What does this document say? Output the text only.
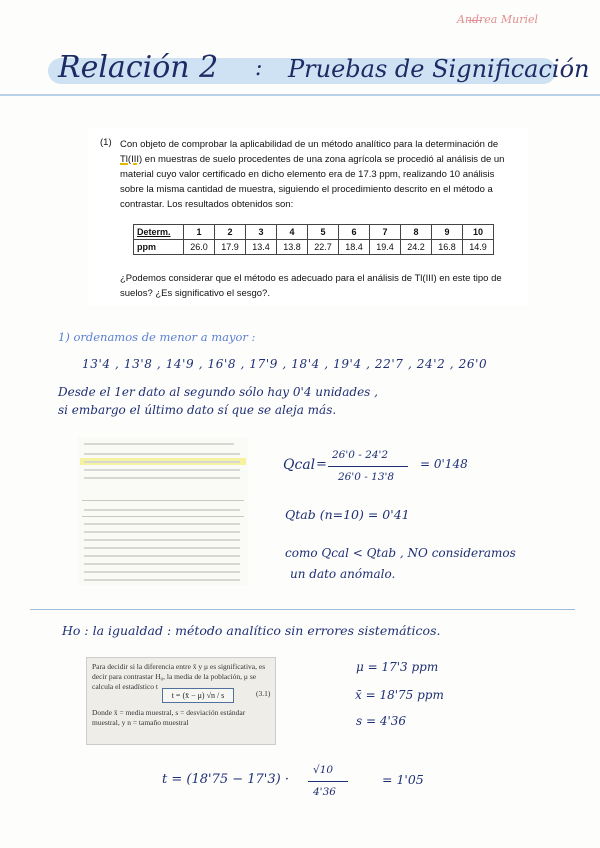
Andrea Muriel
Relación 2 : Pruebas de Significación
(1) Con objeto de comprobar la aplicabilidad de un método analítico para la determinación de Tl(III) en muestras de suelo procedentes de una zona agrícola se procedió al análisis de un material cuyo valor certificado en dicho elemento era de 17.3 ppm, realizando 10 análisis sobre la misma cantidad de muestra, siguiendo el procedimiento descrito en el método a contrastar. Los resultados obtenidos son:
Determ.	1	2	3	4	5	6	7	8	9	10
ppm	26.0	17.9	13.4	13.8	22.7	18.4	19.4	24.2	16.8	14.9
¿Podemos considerar que el método es adecuado para el análisis de Tl(III) en este tipo de suelos? ¿Es significativo el sesgo?.
1) ordenamos de menor a mayor :
13'4 , 13'8 , 14'9 , 16'8 , 17'9 , 18'4 , 19'4 , 22'7 , 24'2 , 26'0
Desde el 1er dato al segundo sólo hay 0'4 unidades ,
si embargo el último dato sí que se aleja más.
Qcal =
26'0 - 24'2
26'0 - 13'8
= 0'148
Qtab (n=10) = 0'41
como Qcal < Qtab , NO consideramos
un dato anómalo.
Ho : la igualdad : método analítico sin errores sistemáticos.
Para decidir si la diferencia entre x̄ y μ es significativa, es decir para contrastar H₀, la media de la población, μ se calcula el estadístico t
t = (x̄ − μ) √n / s	(3.1)
Donde x̄ = media muestral, s = desviación estándar muestral, y n = tamaño muestral
μ = 17'3 ppm
x̄ = 18'75 ppm
s = 4'36
t = (18'75 − 17'3) ·
√10
4'36
= 1'05
